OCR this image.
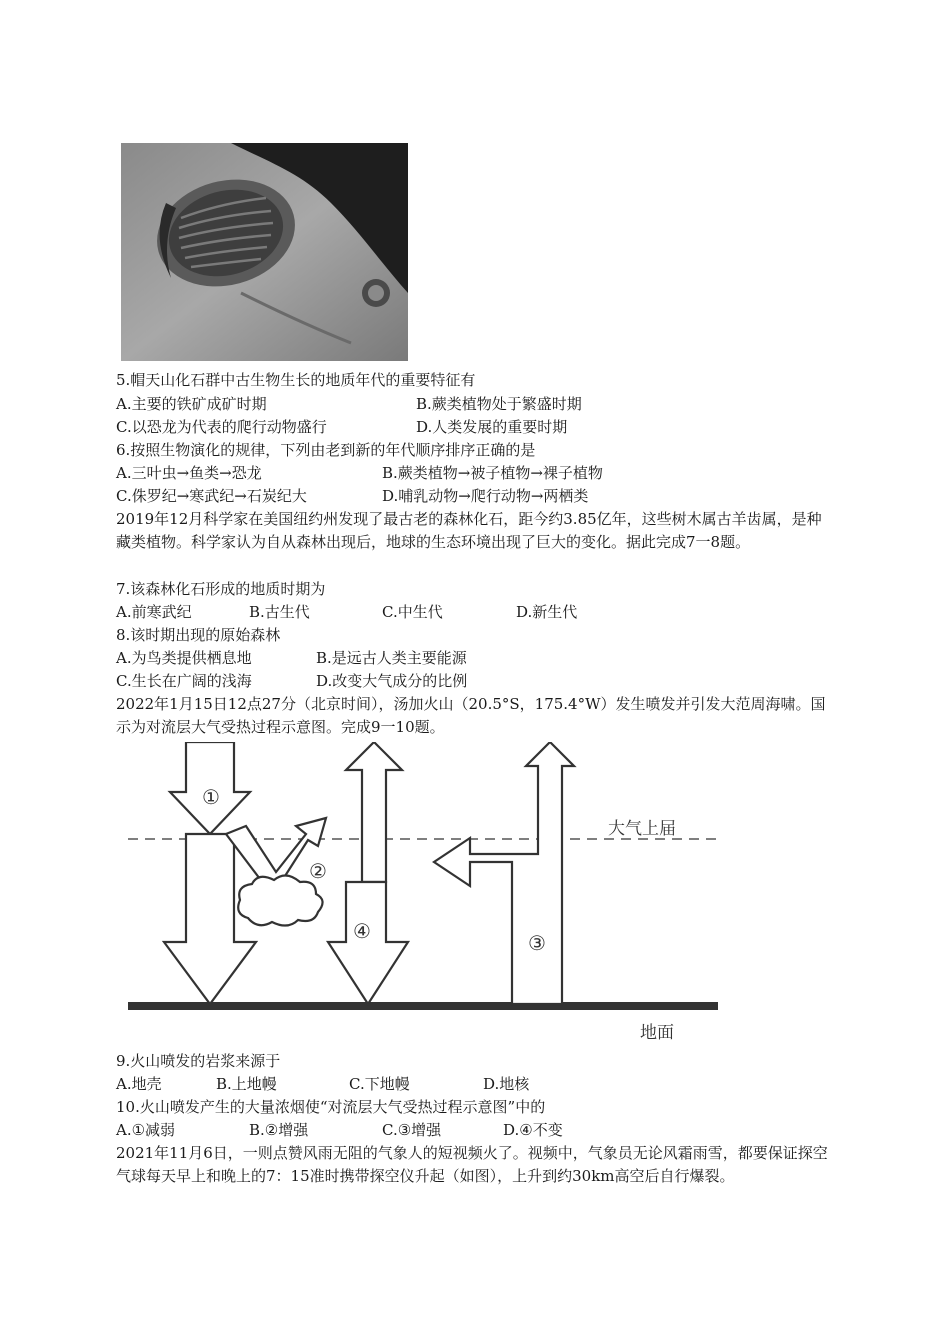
5.帽天山化石群中古生物生长的地质年代的重要特征有
A.主要的铁矿成矿时期	B.蕨类植物处于繁盛时期
C.以恐龙为代表的爬行动物盛行	D.人类发展的重要时期
6.按照生物演化的规律，下列由老到新的年代顺序排序正确的是
A.三叶虫→鱼类→恐龙	B.蕨类植物→被子植物→裸子植物
C.侏罗纪→寒武纪→石炭纪大	D.哺乳动物→爬行动物→两栖类
2019年12月科学家在美国纽约州发现了最古老的森林化石，距今约3.85亿年，这些树木属古羊齿属，是种藏类植物。科学家认为自从森林出现后，地球的生态环境出现了巨大的变化。据此完成7一8题。
7.该森林化石形成的地质时期为
A.前寒武纪	B.古生代	C.中生代	D.新生代
8.该时期出现的原始森林
A.为鸟类提供栖息地	B.是远古人类主要能源
C.生长在广阔的浅海	D.改变大气成分的比例
2022年1月15日12点27分（北京时间），汤加火山（20.5°S，175.4°W）发生喷发并引发大范周海啸。国示为对流层大气受热过程示意图。完成9一10题。
大气上届
地面
①
②
③
④
9.火山喷发的岩浆来源于
A.地壳	B.上地幔	C.下地幔	D.地核
10.火山喷发产生的大量浓烟使“对流层大气受热过程示意图”中的
A.①减弱	B.②增强	C.③增强	D.④不变
2021年11月6日，一则点赞风雨无阻的气象人的短视频火了。视频中，气象员无论风霜雨雪，都要保证探空气球每天早上和晚上的7：15准时携带探空仪升起（如图），上升到约30km高空后自行爆裂。
